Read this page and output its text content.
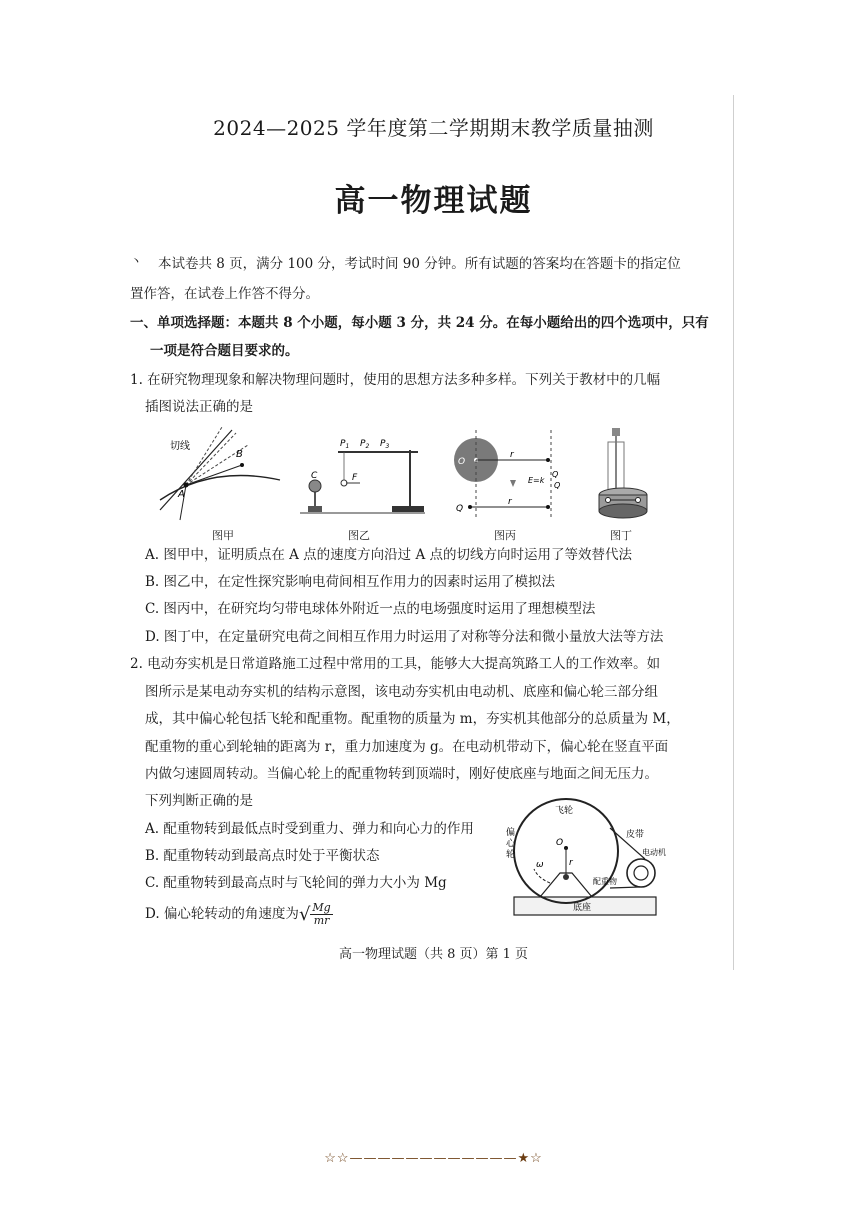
2024—2025 学年度第二学期期末教学质量抽测
高一物理试题
丶 本试卷共 8 页，满分 100 分，考试时间 90 分钟。所有试题的答案均在答题卡的指定位
置作答，在试卷上作答不得分。
一、单项选择题：本题共 8 个小题，每小题 3 分，共 24 分。在每小题给出的四个选项中，只有
一项是符合题目要求的。
1. 在研究物理现象和解决物理问题时，使用的思想方法多种多样。下列关于教材中的几幅
插图说法正确的是
切线
A
B
图甲
$P_1$ $P_2$ $P_3$
C	F
图乙
O
r
r
E=k
Q
Q
Q
图丙	图丁
A. 图甲中，证明质点在 A 点的速度方向沿过 A 点的切线方向时运用了等效替代法
B. 图乙中，在定性探究影响电荷间相互作用力的因素时运用了模拟法
C. 图丙中，在研究均匀带电球体外附近一点的电场强度时运用了理想模型法
D. 图丁中，在定量研究电荷之间相互作用力时运用了对称等分法和微小量放大法等方法
2. 电动夯实机是日常道路施工过程中常用的工具，能够大大提高筑路工人的工作效率。如
图所示是某电动夯实机的结构示意图，该电动夯实机由电动机、底座和偏心轮三部分组
成，其中偏心轮包括飞轮和配重物。配重物的质量为 m，夯实机其他部分的总质量为 M，
配重物的重心到轮轴的距离为 r，重力加速度为 g。在电动机带动下，偏心轮在竖直平面
内做匀速圆周转动。当偏心轮上的配重物转到顶端时，刚好使底座与地面之间无压力。
下列判断正确的是
A. 配重物转到最低点时受到重力、弹力和向心力的作用
B. 配重物转动到最高点时处于平衡状态
C. 配重物转到最高点时与飞轮间的弹力大小为 Mg
D. 偏心轮转动的角速度为√ $\frac{Mg}{mr}$
飞轮
偏
心
轮
皮带
电动机
配重物
底座
O
r
ω
高一物理试题（共 8 页）第 1 页
☆☆————————————★☆
